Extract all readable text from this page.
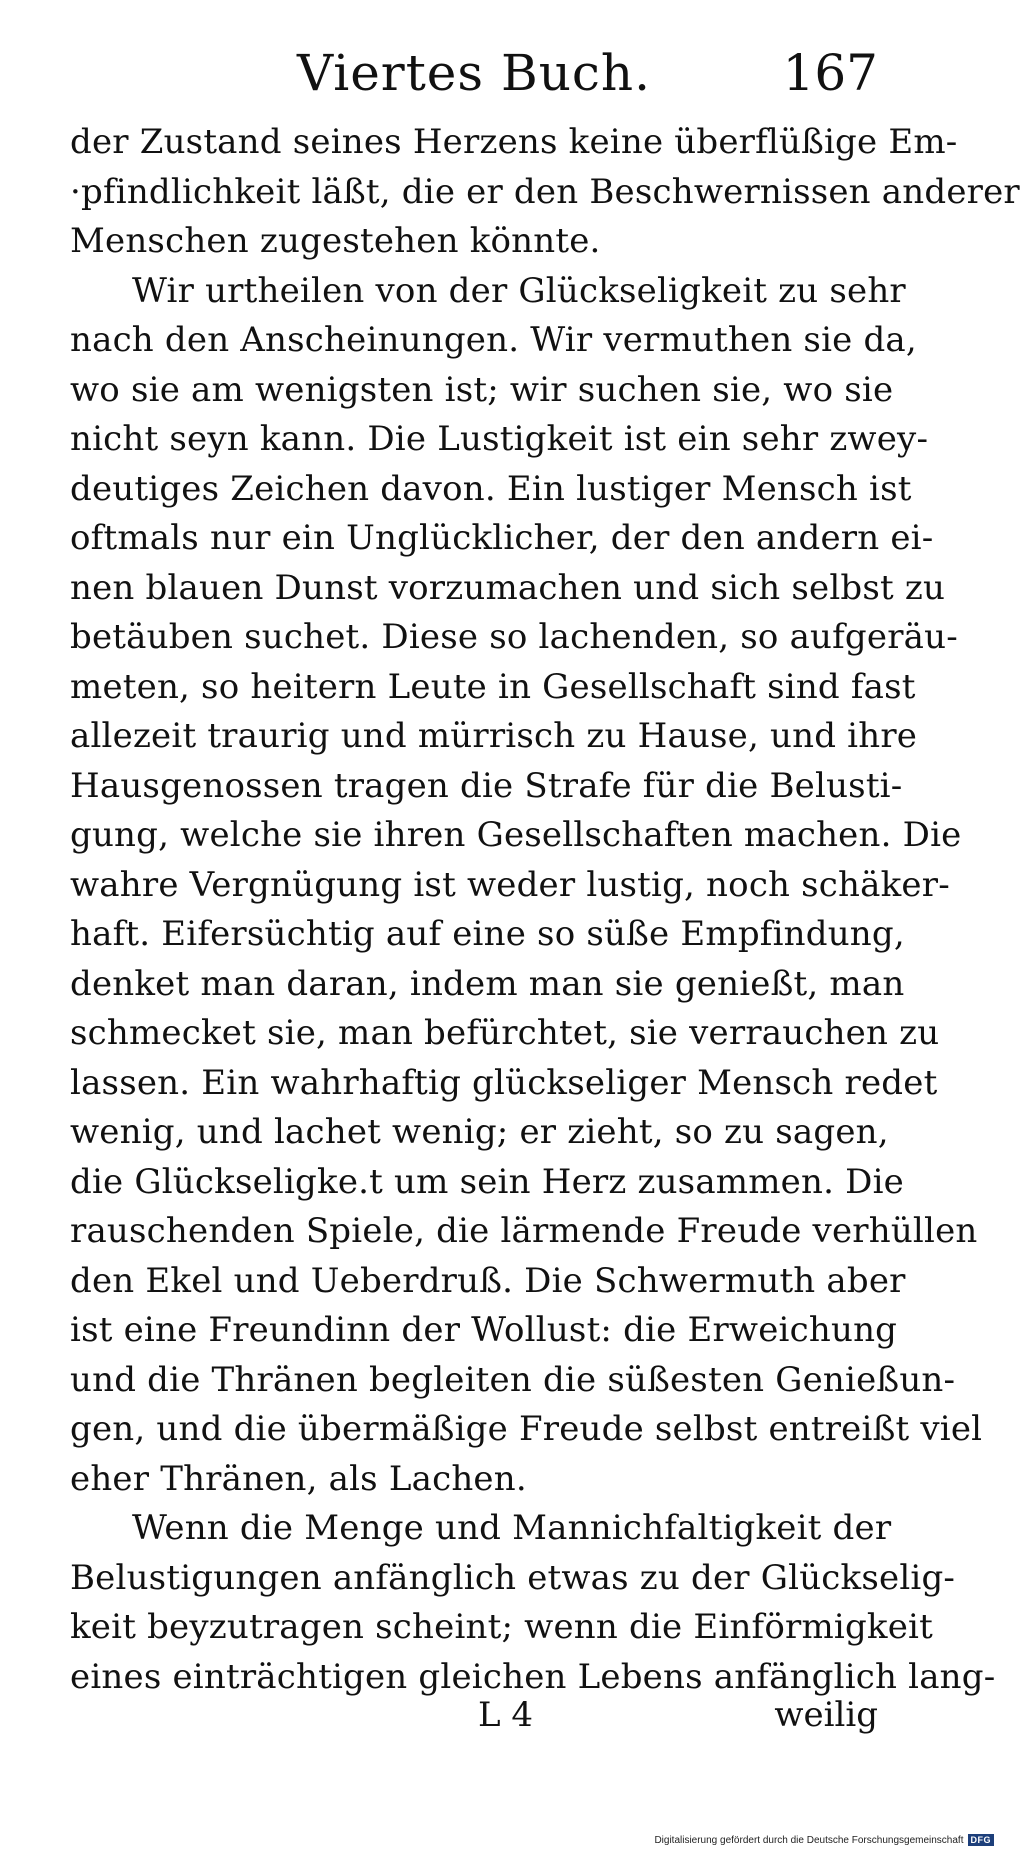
Viertes Buch.	167
der Zustand seines Herzens keine überflüßige Em-
·pfindlichkeit läßt, die er den Beschwernissen anderer
Menschen zugestehen könnte.
Wir urtheilen von der Glückseligkeit zu sehr
nach den Anscheinungen. Wir vermuthen sie da,
wo sie am wenigsten ist; wir suchen sie, wo sie
nicht seyn kann. Die Lustigkeit ist ein sehr zwey-
deutiges Zeichen davon. Ein lustiger Mensch ist
oftmals nur ein Unglücklicher, der den andern ei-
nen blauen Dunst vorzumachen und sich selbst zu
betäuben suchet. Diese so lachenden, so aufgeräu-
meten, so heitern Leute in Gesellschaft sind fast
allezeit traurig und mürrisch zu Hause, und ihre
Hausgenossen tragen die Strafe für die Belusti-
gung, welche sie ihren Gesellschaften machen. Die
wahre Vergnügung ist weder lustig, noch schäker-
haft. Eifersüchtig auf eine so süße Empfindung,
denket man daran, indem man sie genießt, man
schmecket sie, man befürchtet, sie verrauchen zu
lassen. Ein wahrhaftig glückseliger Mensch redet
wenig, und lachet wenig; er zieht, so zu sagen,
die Glückseligke.t um sein Herz zusammen. Die
rauschenden Spiele, die lärmende Freude verhüllen
den Ekel und Ueberdruß. Die Schwermuth aber
ist eine Freundinn der Wollust: die Erweichung
und die Thränen begleiten die süßesten Genießun-
gen, und die übermäßige Freude selbst entreißt viel
eher Thränen, als Lachen.
Wenn die Menge und Mannichfaltigkeit der
Belustigungen anfänglich etwas zu der Glückselig-
keit beyzutragen scheint; wenn die Einförmigkeit
eines einträchtigen gleichen Lebens anfänglich lang-
L 4	weilig
Digitalisierung gefördert durch die Deutsche Forschungsgemeinschaft DFG
